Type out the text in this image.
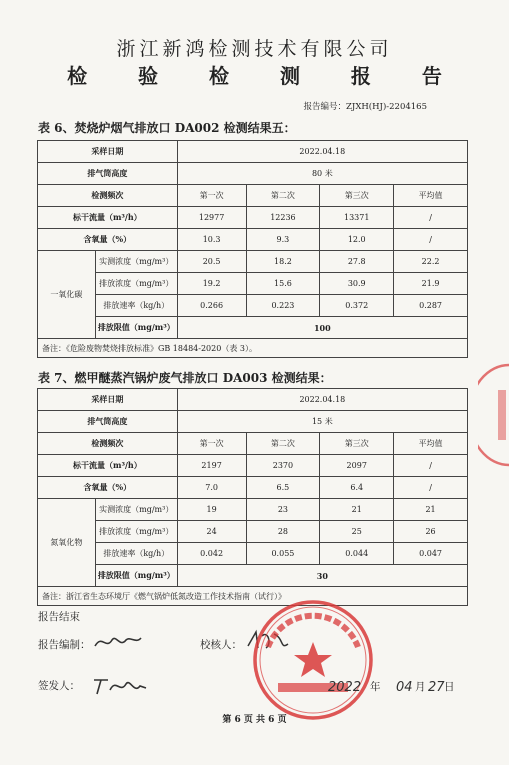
浙江新鸿检测技术有限公司
检 验 检 测 报 告
报告编号：ZJXH(HJ)-2204165
表 6、焚烧炉烟气排放口 DA002 检测结果五：
采样日期		2022.04.18			
排气筒高度		80 米			
检测频次		第一次	第二次	第三次	平均值
标干流量（m³/h）		12977	12236	13371	/
含氧量（%）		10.3	9.3	12.0	/
一氧化碳	实测浓度（mg/m³）	20.5	18.2	27.8	22.2
	排放浓度（mg/m³）	19.2	15.6	30.9	21.9
	排放速率（kg/h）	0.266	0.223	0.372	0.287
	排放限值（mg/m³）	100			
备注：《危险废物焚烧排放标准》GB 18484-2020（表 3）。					
表 7、燃甲醚蒸汽锅炉废气排放口 DA003 检测结果：
采样日期		2022.04.18			
排气筒高度		15 米			
检测频次		第一次	第二次	第三次	平均值
标干流量（m³/h）		2197	2370	2097	/
含氧量（%）		7.0	6.5	6.4	/
氮氧化物	实测浓度（mg/m³）	19	23	21	21
	排放浓度（mg/m³）	24	28	25	26
	排放速率（kg/h）	0.042	0.055	0.044	0.047
	排放限值（mg/m³）	30			
备注：浙江省生态环境厅《燃气锅炉低氮改造工作技术指南（试行）》					
报告结束
报告编制：	校核人：
签发人：	2022 年 04 月 27 日
第 6 页 共 6 页
